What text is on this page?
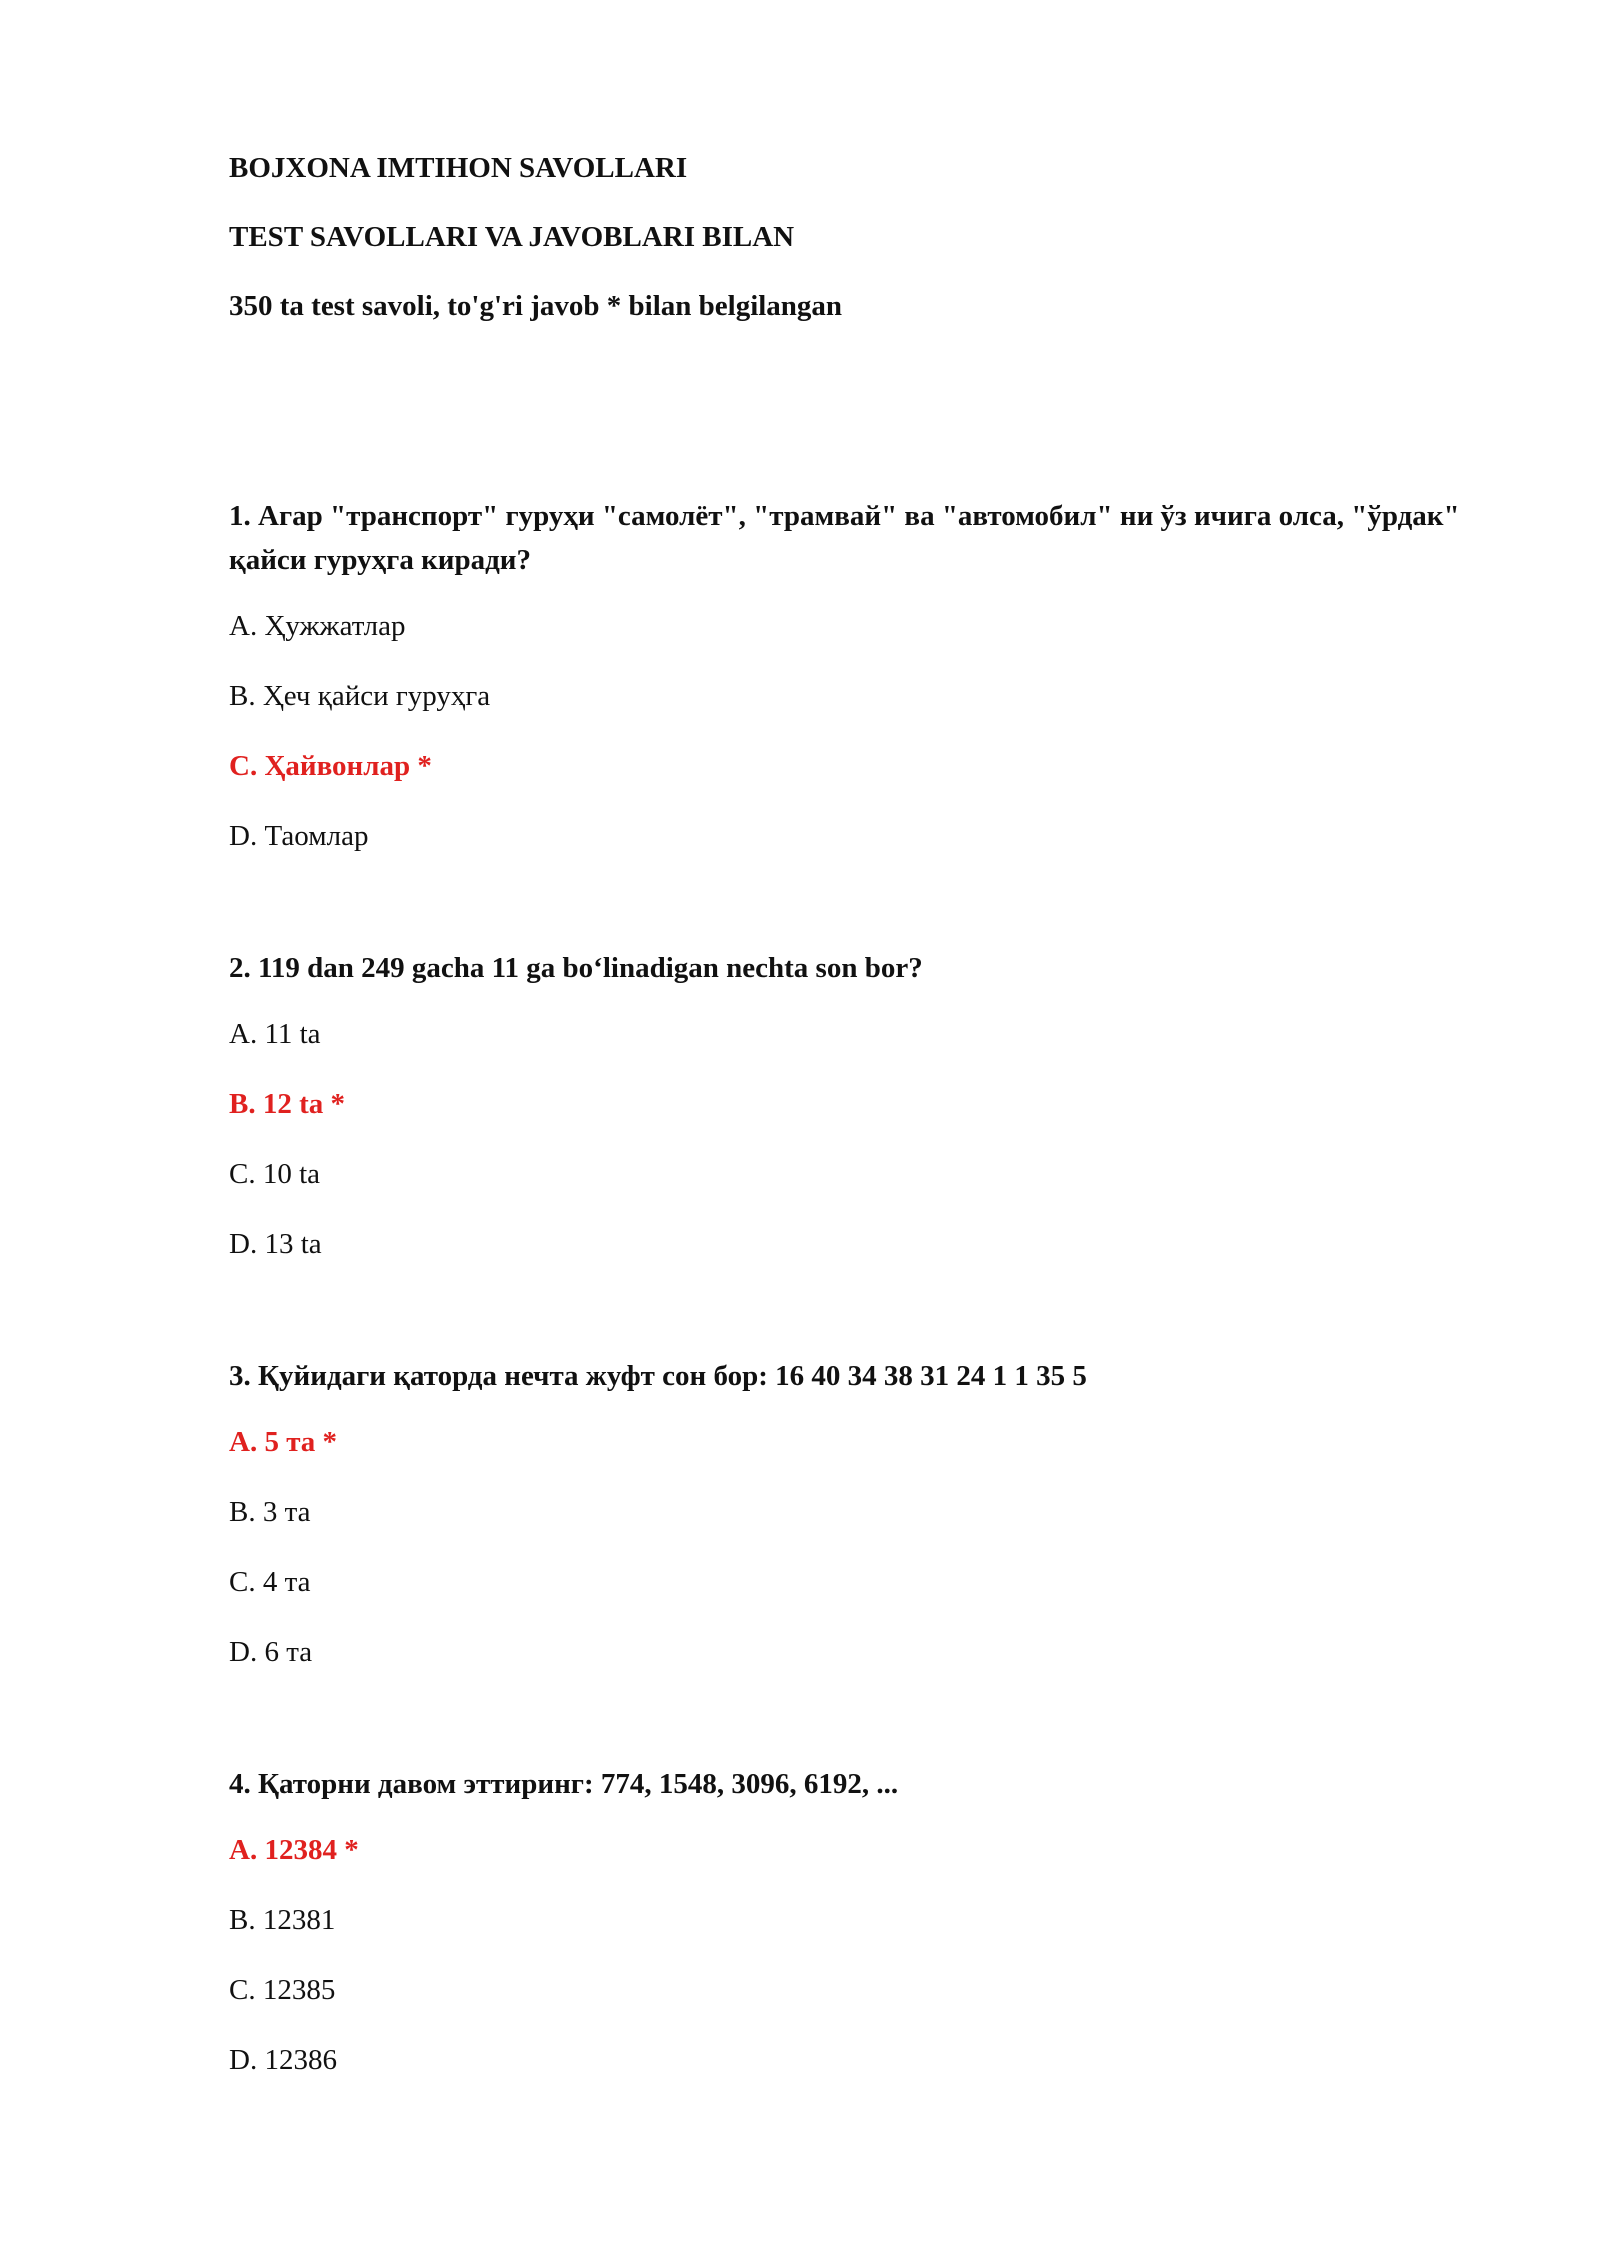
BOJXONA IMTIHON SAVOLLARI
TEST SAVOLLARI VA JAVOBLARI BILAN
350 ta test savoli, to'g'ri javob * bilan belgilangan
1. Агар "транспорт" гуруҳи "самолёт", "трамвай" ва "автомобил" ни ўз ичига олса, "ўрдак" қайси гуруҳга киради?
A. Ҳужжатлар
B. Ҳеч қайси гуруҳга
C. Ҳайвонлар *
D. Таомлар
2. 119 dan 249 gacha 11 ga bo‘linadigan nechta son bor?
A. 11 ta
B. 12 ta *
C. 10 ta
D. 13 ta
3. Қуйидаги қаторда нечта жуфт сон бор: 16 40 34 38 31 24 1 1 35 5
A. 5 та *
B. 3 та
C. 4 та
D. 6 та
4. Қаторни давом эттиринг: 774, 1548, 3096, 6192, ...
A. 12384 *
B. 12381
C. 12385
D. 12386
